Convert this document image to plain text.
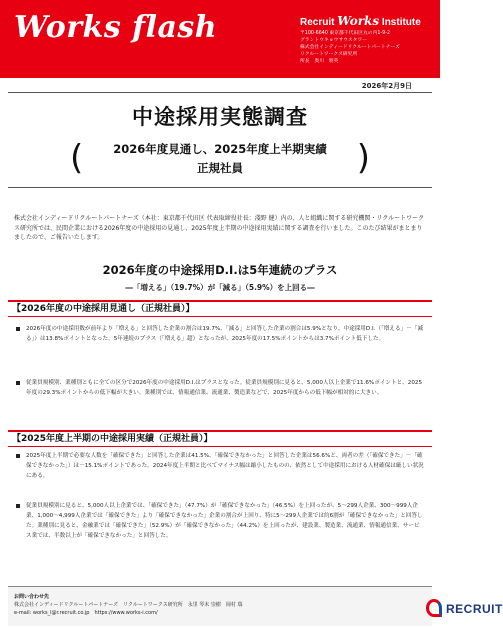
Works flash	Recruit Works Institute
〒100-6640 東京都千代田区丸の内1-9-2
グラントウキョウサウスタワー
株式会社インディードリクルートパートナーズ
リクルートワークス研究所
所長　奥川　朋英
2026年2月9日
中途採用実態調査
(	2026年度見通し、2025年度上半期実績
正規社員	)
株式会社インディードリクルートパートナーズ（本社：東京都千代田区 代表取締役社長：淺野 健）内の、人と組織に関する研究機関・リクルートワークス研究所では、民間企業における2026年度の中途採用の見通し、2025年度上半期の中途採用実績に関する調査を行いました。このたび結果がまとまりましたので、ご報告いたします。
2026年度の中途採用D.I.は5年連続のプラス
―「増える」（19.7%）が「減る」（5.9%）を上回る―
【2026年度の中途採用見通し（正規社員）】
2026年度の中途採用数が前年より「増える」と回答した企業の割合は19.7%、「減る」と回答した企業の割合は5.9%となり、中途採用D.I.（「増える」－「減る」）は13.8%ポイントとなった。5年連続のプラス（「増える」超）となったが、2025年度の17.5%ポイントからは3.7%ポイント低下した。
従業員規模別、業種別ともに全ての区分で2026年度の中途採用D.I.はプラスとなった。従業員規模別に見ると、5,000人以上企業で11.6%ポイントと、2025年度の29.3%ポイントからの低下幅が大きい。業種別では、情報通信業、流通業、製造業などで、2025年度からの低下幅が相対的に大きい。
【2025年度上半期の中途採用実績（正規社員）】
2025年度上半期で必要な人数を「確保できた」と回答した企業は41.5%、「確保できなかった」と回答した企業は56.6%と、両者の差（「確保できた」－「確保できなかった」）は－15.1%ポイントであった。2024年度上半期と比べてマイナス幅は縮小したものの、依然として中途採用における人材確保は厳しい状況にある。
従業員規模別に見ると、5,000人以上企業では、「確保できた」（47.7%）が「確保できなかった」（46.5%）を上回ったが、5～299人企業、300～999人企業、1,000～4,999人企業では「確保できた」より「確保できなかった」企業の割合が上回り、特に5～299人企業では約6割が「確保できなかった」と回答した。業種別に見ると、金融業では「確保できた」（52.9%）が「確保できなかった」（44.2%）を上回ったが、建設業、製造業、流通業、情報通信業、サービス業では、半数以上が「確保できなかった」と回答した。
お問い合わせ先
株式会社インディードリクルートパートナーズ　リクルートワークス研究所　永里 琴未 崇樹　岡村 瑞
e-mail: works_l@r.recruit.co.jp　https://www.works-i.com/	RECRUIT
